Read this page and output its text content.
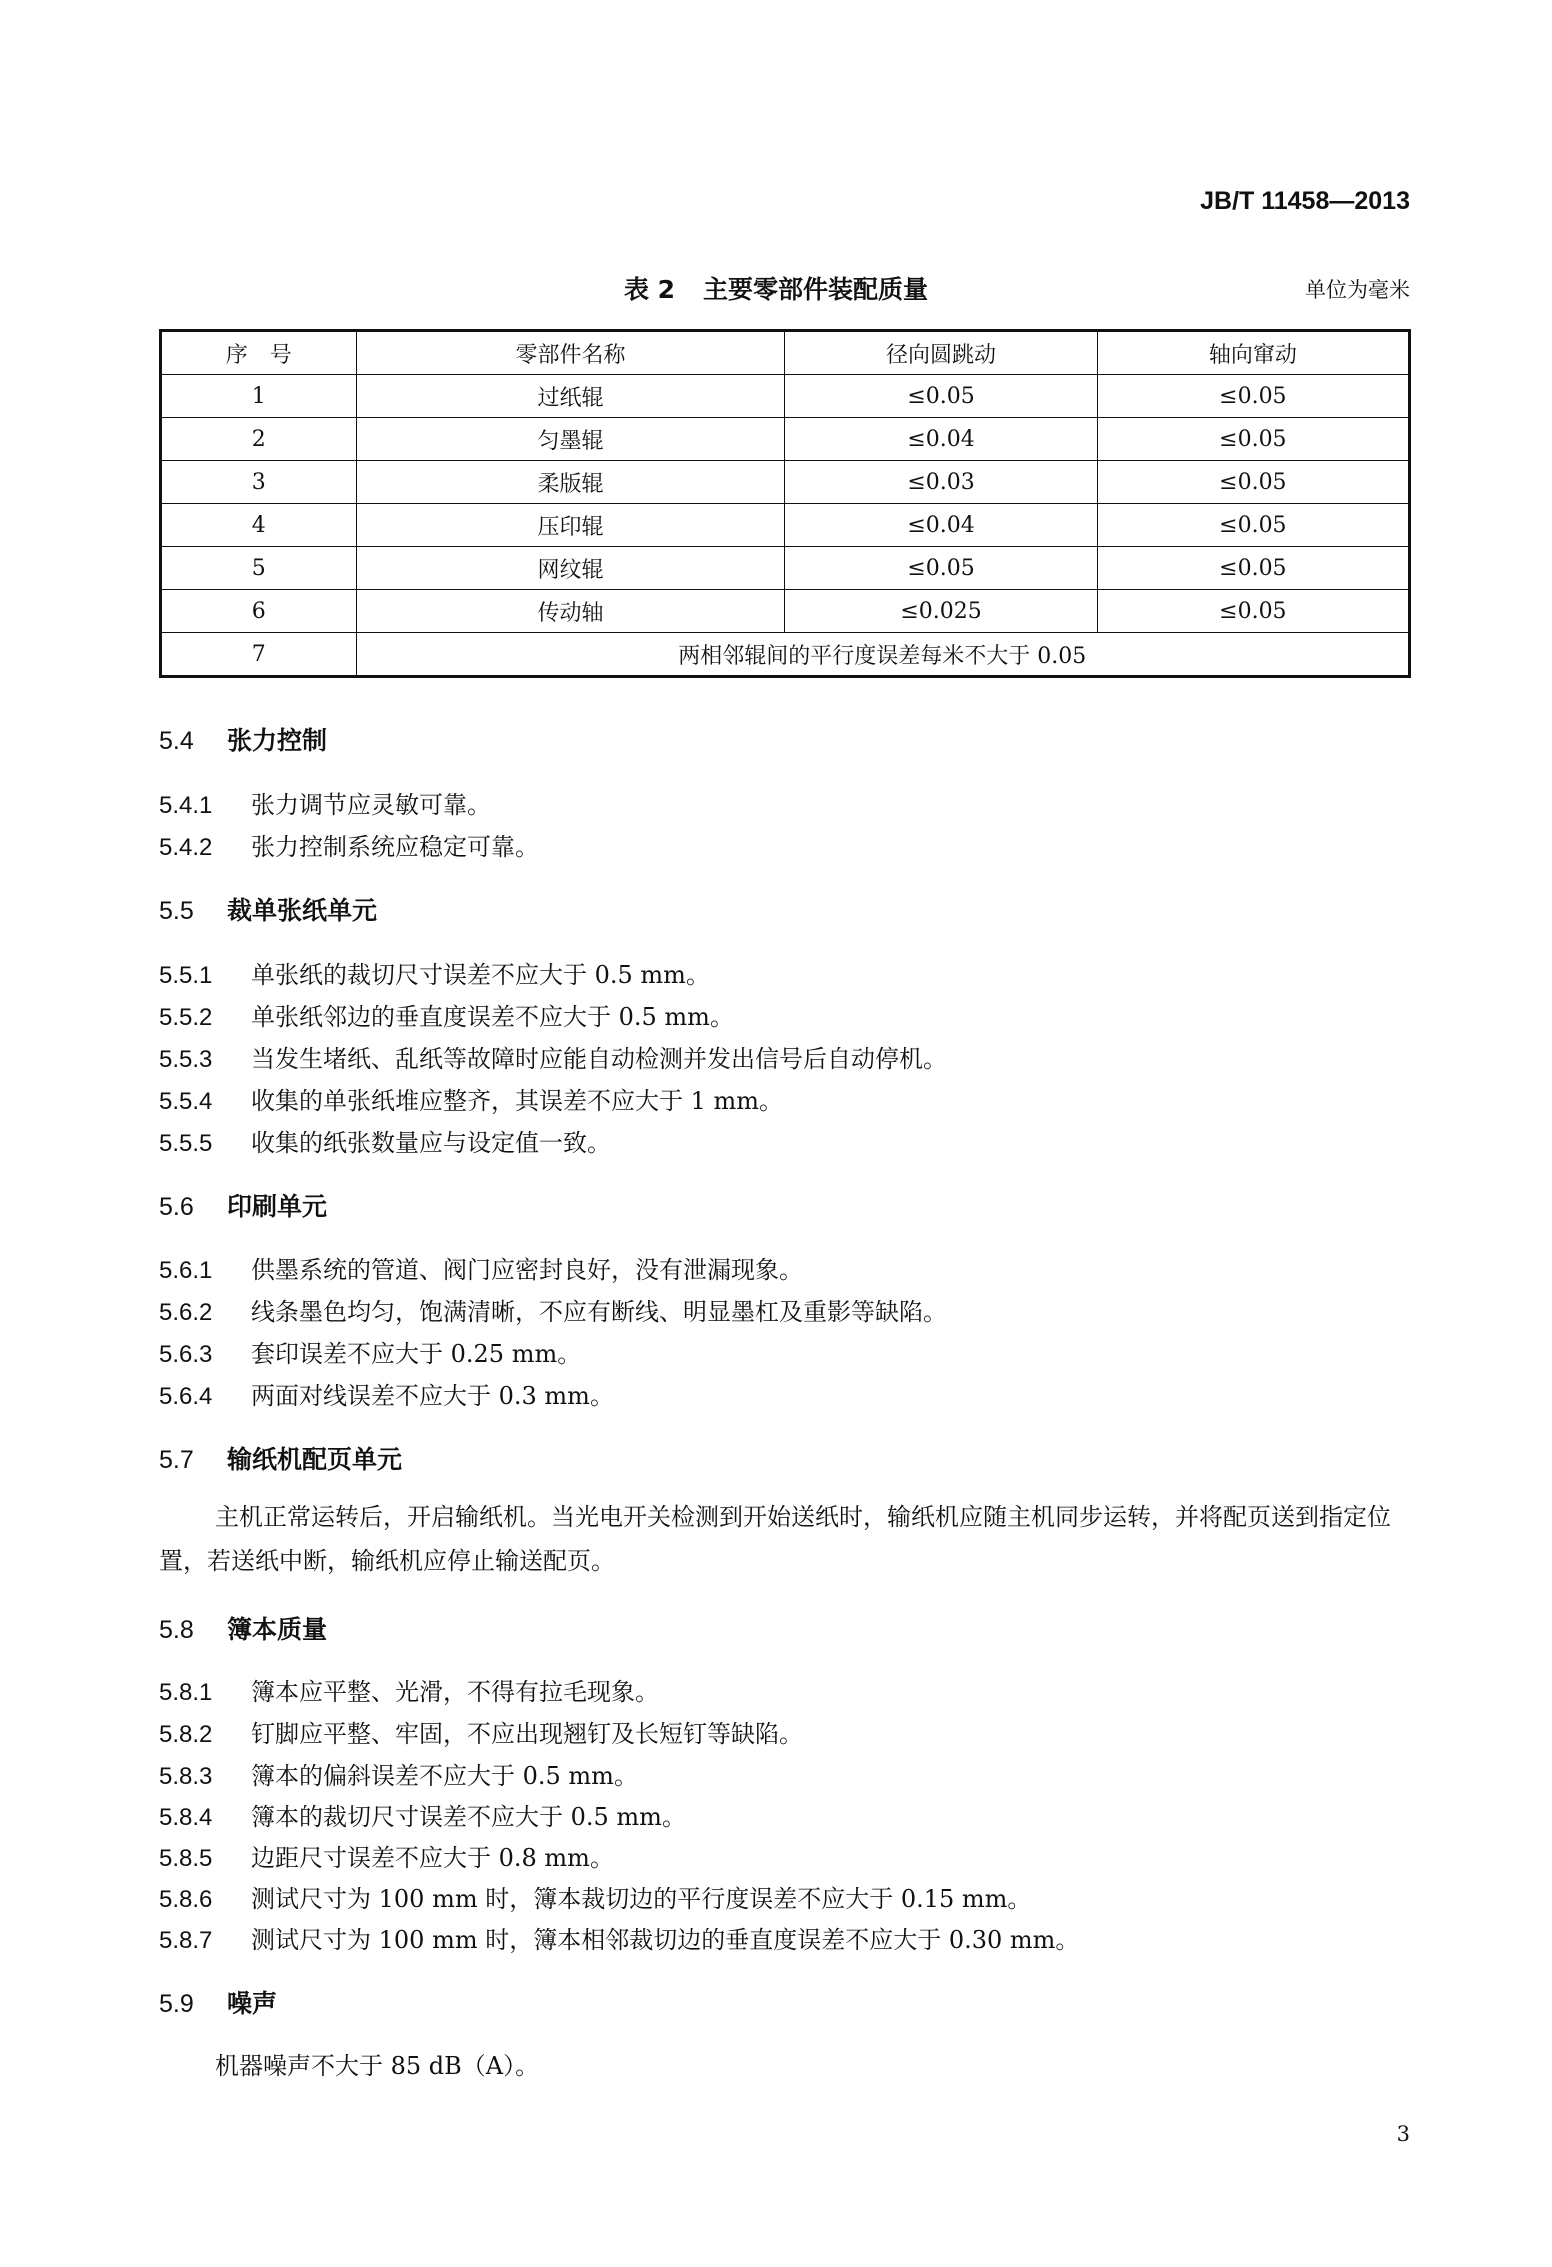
JB/T 11458—2013
表 2 主要零部件装配质量	单位为毫米
序　号	零部件名称	径向圆跳动	轴向窜动
1	过纸辊	≤0.05	≤0.05
2	匀墨辊	≤0.04	≤0.05
3	柔版辊	≤0.03	≤0.05
4	压印辊	≤0.04	≤0.05
5	网纹辊	≤0.05	≤0.05
6	传动轴	≤0.025	≤0.05
7	两相邻辊间的平行度误差每米不大于 0.05		
5.4 张力控制
5.4.1 张力调节应灵敏可靠。
5.4.2 张力控制系统应稳定可靠。
5.5 裁单张纸单元
5.5.1 单张纸的裁切尺寸误差不应大于 0.5 mm。
5.5.2 单张纸邻边的垂直度误差不应大于 0.5 mm。
5.5.3 当发生堵纸、乱纸等故障时应能自动检测并发出信号后自动停机。
5.5.4 收集的单张纸堆应整齐，其误差不应大于 1 mm。
5.5.5 收集的纸张数量应与设定值一致。
5.6 印刷单元
5.6.1 供墨系统的管道、阀门应密封良好，没有泄漏现象。
5.6.2 线条墨色均匀，饱满清晰，不应有断线、明显墨杠及重影等缺陷。
5.6.3 套印误差不应大于 0.25 mm。
5.6.4 两面对线误差不应大于 0.3 mm。
5.7 输纸机配页单元
主机正常运转后，开启输纸机。当光电开关检测到开始送纸时，输纸机应随主机同步运转，并将配页送到指定位置，若送纸中断，输纸机应停止输送配页。
5.8 簿本质量
5.8.1 簿本应平整、光滑，不得有拉毛现象。
5.8.2 钉脚应平整、牢固，不应出现翘钉及长短钉等缺陷。
5.8.3 簿本的偏斜误差不应大于 0.5 mm。
5.8.4 簿本的裁切尺寸误差不应大于 0.5 mm。
5.8.5 边距尺寸误差不应大于 0.8 mm。
5.8.6 测试尺寸为 100 mm 时，簿本裁切边的平行度误差不应大于 0.15 mm。
5.8.7 测试尺寸为 100 mm 时，簿本相邻裁切边的垂直度误差不应大于 0.30 mm。
5.9 噪声
机器噪声不大于 85 dB（A）。
3
